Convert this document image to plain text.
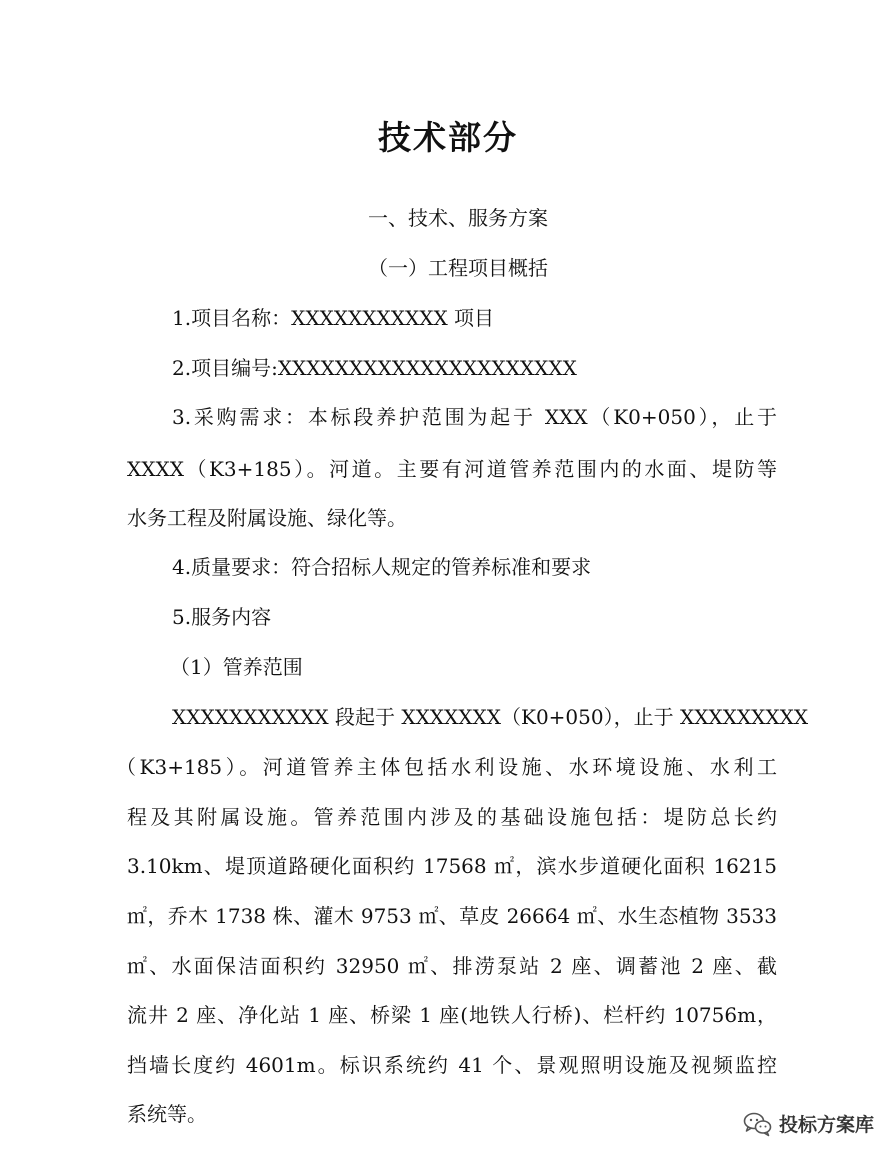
技术部分
一、技术、服务方案
（一）工程项目概括
1.项目名称：XXXXXXXXXXX 项目
2.项目编号:XXXXXXXXXXXXXXXXXXXXX
3.采购需求：本标段养护范围为起于 XXX（K0+050），止于
XXXX（K3+185）。河道。主要有河道管养范围内的水面、堤防等
水务工程及附属设施、绿化等。
4.质量要求：符合招标人规定的管养标准和要求
5.服务内容
（1）管养范围
XXXXXXXXXXX 段起于 XXXXXXX（K0+050），止于 XXXXXXXXX
（K3+185）。河道管养主体包括水利设施、水环境设施、水利工
程及其附属设施。管养范围内涉及的基础设施包括：堤防总长约
3.10km、堤顶道路硬化面积约 17568 ㎡，滨水步道硬化面积 16215
㎡，乔木 1738 株、灌木 9753 ㎡、草皮 26664 ㎡、水生态植物 3533
㎡、水面保洁面积约 32950 ㎡、排涝泵站 2 座、调蓄池 2 座、截
流井 2 座、净化站 1 座、桥梁 1 座(地铁人行桥)、栏杆约 10756m，
挡墙长度约 4601m。标识系统约 41 个、景观照明设施及视频监控
系统等。	投标方案库
